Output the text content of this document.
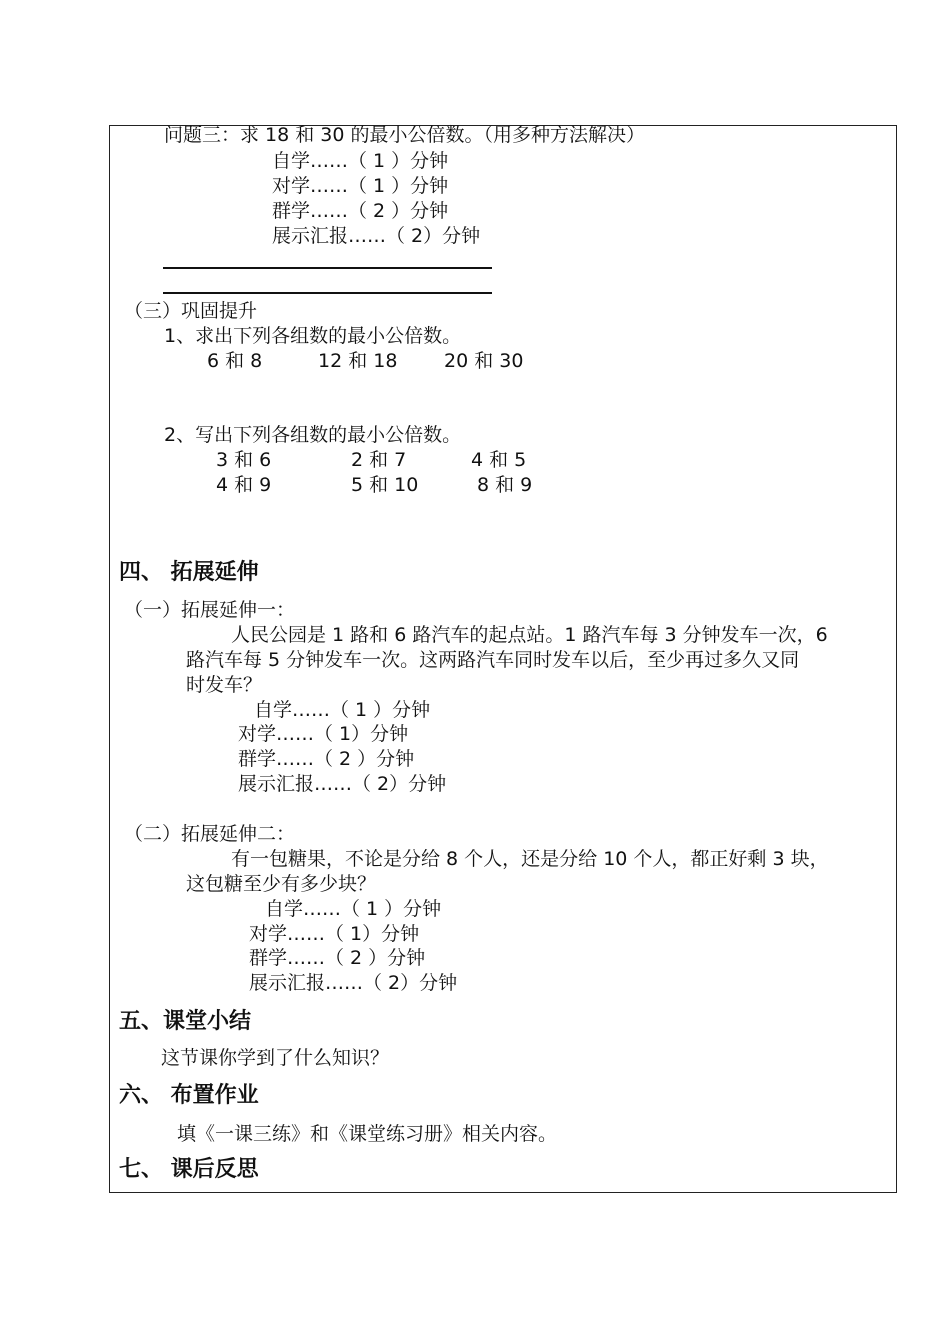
问题三：求 18 和 30 的最小公倍数。（用多种方法解决）
自学……（ 1 ）分钟
对学……（ 1 ）分钟
群学……（ 2 ）分钟
展示汇报……（ 2）分钟
（三）巩固提升
1、求出下列各组数的最小公倍数。
6 和 8	12 和 18 20 和 30
2、写出下列各组数的最小公倍数。
3 和 6	2 和 7	4 和 5
4 和 9	5 和 10	8 和 9
四、 拓展延伸
（一）拓展延伸一：
人民公园是 1 路和 6 路汽车的起点站。1 路汽车每 3 分钟发车一次，6
路汽车每 5 分钟发车一次。这两路汽车同时发车以后，至少再过多久又同
时发车？
自学……（ 1 ）分钟
对学……（ 1）分钟
群学……（ 2 ）分钟
展示汇报……（ 2）分钟
（二）拓展延伸二：
有一包糖果，不论是分给 8 个人，还是分给 10 个人，都正好剩 3 块，
这包糖至少有多少块？
自学……（ 1 ）分钟
对学……（ 1）分钟
群学……（ 2 ）分钟
展示汇报……（ 2）分钟
五、课堂小结
这节课你学到了什么知识？
六、 布置作业
填《一课三练》和《课堂练习册》相关内容。
七、 课后反思
